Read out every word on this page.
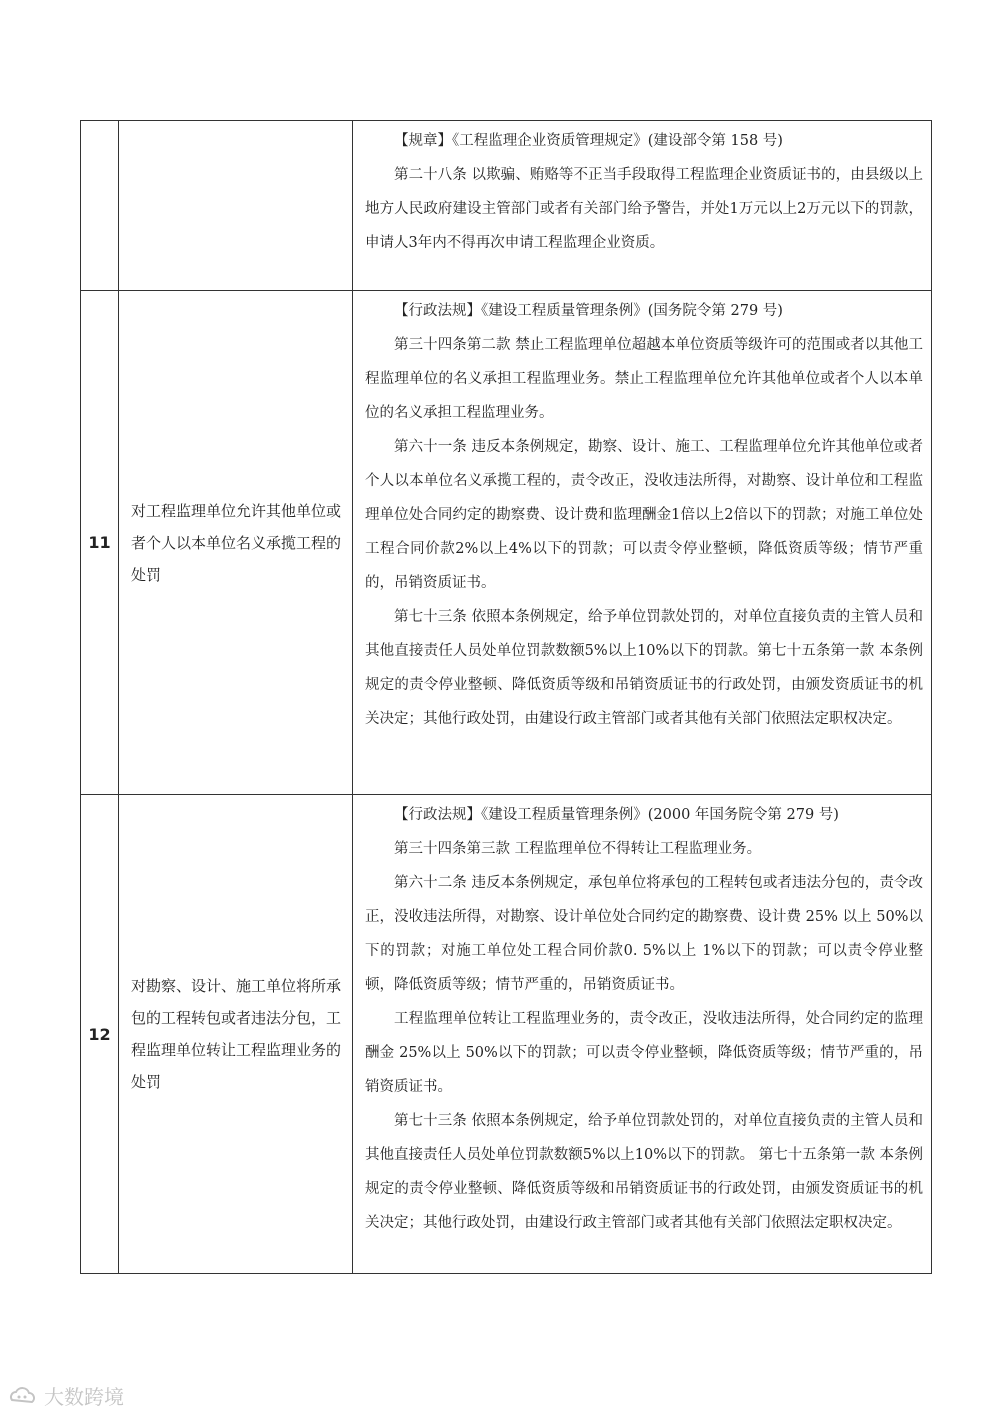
		【规章】《工程监理企业资质管理规定》(建设部令第 158 号)

第二十八条 以欺骗、贿赂等不正当手段取得工程监理企业资质证书的，由县级以上地方人民政府建设主管部门或者有关部门给予警告，并处1万元以上2万元以下的罚款，申请人3年内不得再次申请工程监理企业资质。

11	对工程监理单位允许其他单位或者个人以本单位名义承揽工程的处罚	【行政法规】《建设工程质量管理条例》(国务院令第 279 号)

第三十四条第二款 禁止工程监理单位超越本单位资质等级许可的范围或者以其他工程监理单位的名义承担工程监理业务。禁止工程监理单位允许其他单位或者个人以本单位的名义承担工程监理业务。

第六十一条 违反本条例规定，勘察、设计、施工、工程监理单位允许其他单位或者个人以本单位名义承揽工程的，责令改正，没收违法所得，对勘察、设计单位和工程监理单位处合同约定的勘察费、设计费和监理酬金1倍以上2倍以下的罚款；对施工单位处工程合同价款2%以上4%以下的罚款；可以责令停业整顿，降低资质等级；情节严重的，吊销资质证书。

第七十三条 依照本条例规定，给予单位罚款处罚的，对单位直接负责的主管人员和其他直接责任人员处单位罚款数额5%以上10%以下的罚款。第七十五条第一款 本条例规定的责令停业整顿、降低资质等级和吊销资质证书的行政处罚，由颁发资质证书的机关决定；其他行政处罚，由建设行政主管部门或者其他有关部门依照法定职权决定。

12	对勘察、设计、施工单位将所承包的工程转包或者违法分包，工程监理单位转让工程监理业务的处罚	【行政法规】《建设工程质量管理条例》(2000 年国务院令第 279 号)

第三十四条第三款 工程监理单位不得转让工程监理业务。

第六十二条 违反本条例规定，承包单位将承包的工程转包或者违法分包的，责令改正，没收违法所得，对勘察、设计单位处合同约定的勘察费、设计费 25% 以上 50%以下的罚款；对施工单位处工程合同价款0. 5%以上 1%以下的罚款；可以责令停业整顿，降低资质等级；情节严重的，吊销资质证书。

工程监理单位转让工程监理业务的，责令改正，没收违法所得，处合同约定的监理酬金 25%以上 50%以下的罚款；可以责令停业整顿，降低资质等级；情节严重的，吊销资质证书。

第七十三条 依照本条例规定，给予单位罚款处罚的，对单位直接负责的主管人员和其他直接责任人员处单位罚款数额5%以上10%以下的罚款。 第七十五条第一款 本条例规定的责令停业整顿、降低资质等级和吊销资质证书的行政处罚，由颁发资质证书的机关决定；其他行政处罚，由建设行政主管部门或者其他有关部门依照法定职权决定。

大数跨境
